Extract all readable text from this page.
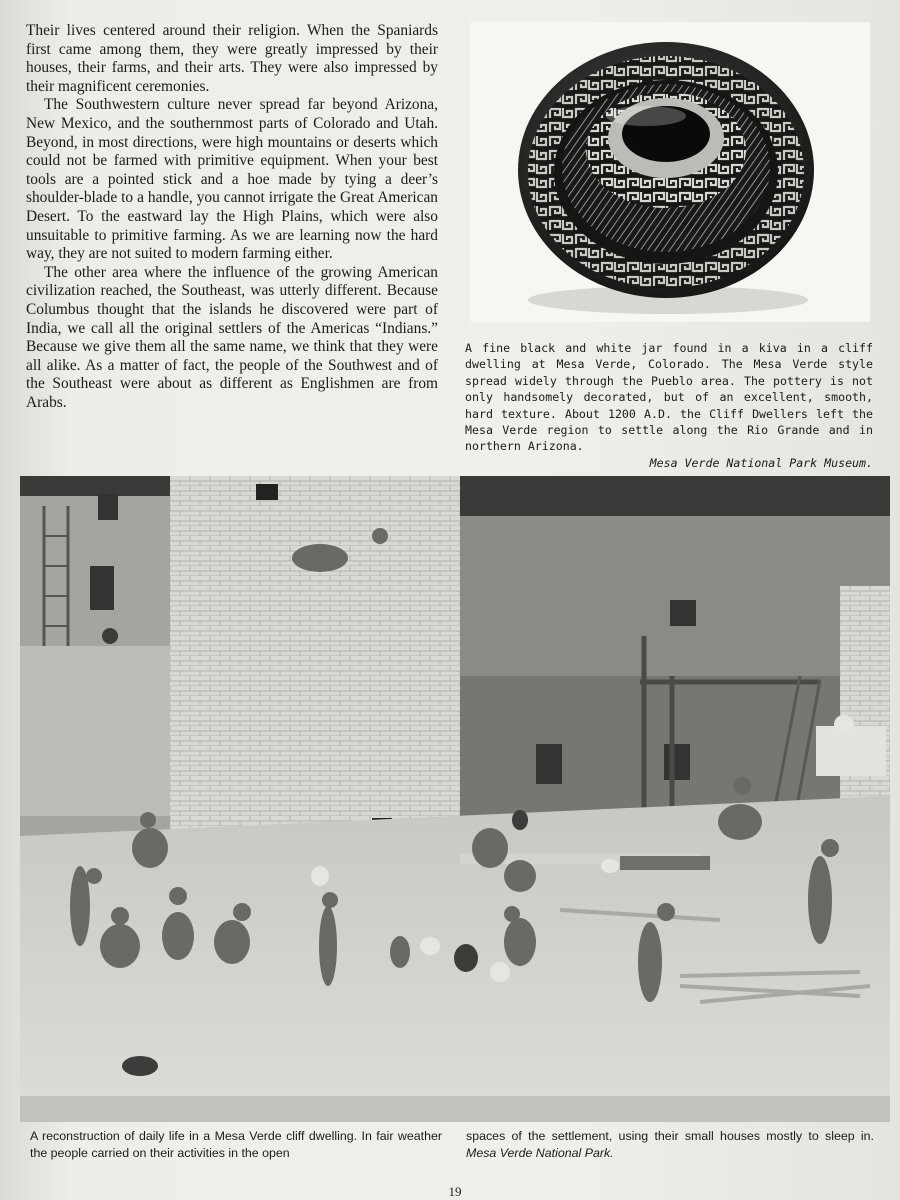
Their lives centered around their religion. When the Spaniards first came among them, they were greatly impressed by their houses, their farms, and their arts. They were also impressed by their magnificent ceremonies.

The Southwestern culture never spread far beyond Arizona, New Mexico, and the southernmost parts of Colorado and Utah. Beyond, in most directions, were high mountains or deserts which could not be farmed with primitive equipment. When your best tools are a pointed stick and a hoe made by tying a deer’s shoulder-blade to a handle, you cannot irrigate the Great American Desert. To the eastward lay the High Plains, which were also unsuitable to primitive farming. As we are learning now the hard way, they are not suited to modern farming either.

The other area where the influence of the growing American civilization reached, the Southeast, was utterly different. Because Columbus thought that the islands he discovered were part of India, we call all the original settlers of the Americas “Indians.” Because we give them all the same name, we think that they were all alike. As a matter of fact, the people of the Southwest and of the Southeast were about as different as Englishmen are from Arabs.

A fine black and white jar found in a kiva in a cliff dwelling at Mesa Verde, Colorado. The Mesa Verde style spread widely through the Pueblo area. The pottery is not only handsomely decorated, but of an excellent, smooth, hard texture. About 1200 A.D. the Cliff Dwellers left the Mesa Verde region to settle along the Rio Grande and in northern Arizona.
Mesa Verde National Park Museum.
A reconstruction of daily life in a Mesa Verde cliff dwelling. In fair weather the people carried on their activities in the open
spaces of the settlement, using their small houses mostly to sleep in. Mesa Verde National Park.
19
